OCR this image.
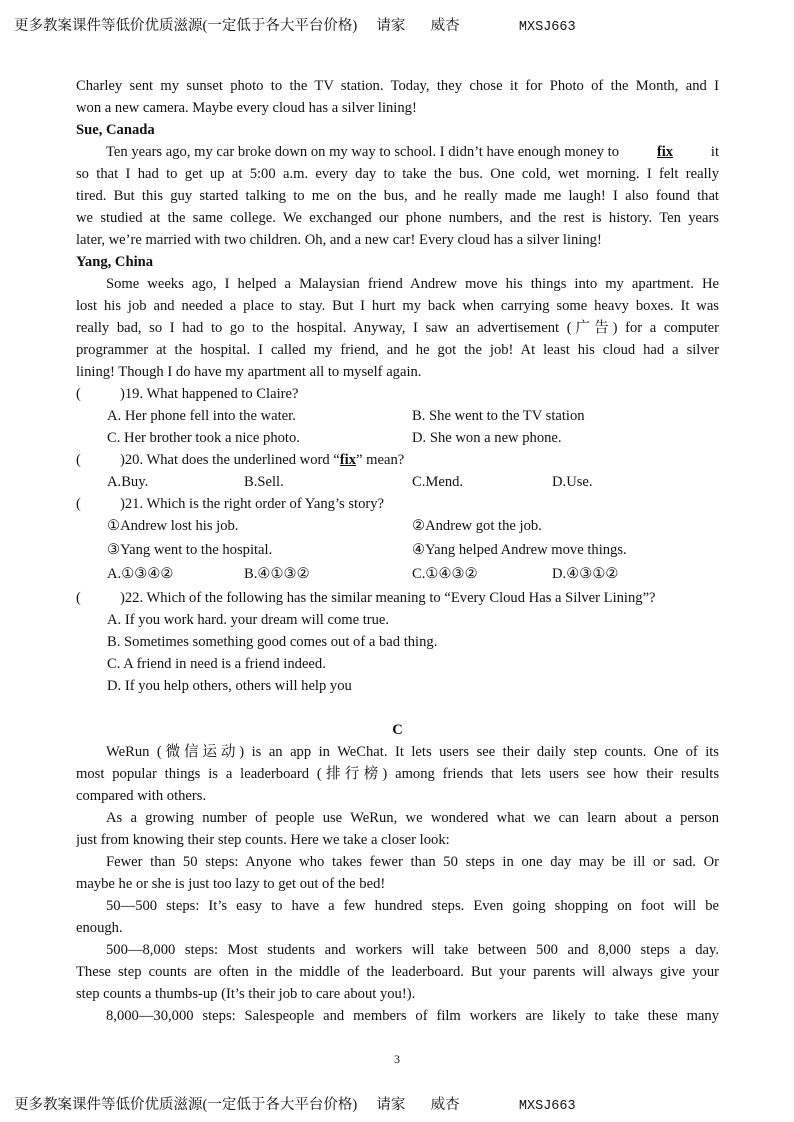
更多教案课件等低价优质滋源(一定低于各大平台价格) 请家 威杏	MXSJ663
Charley sent my sunset photo to the TV station. Today, they chose it for Photo of the Month, and I
won a new camera. Maybe every cloud has a silver lining!
Sue, Canada
Ten years ago, my car broke down on my way to school. I didn’t have enough money to	fix	it
so that I had to get up at 5:00 a.m. every day to take the bus. One cold, wet morning. I felt really
tired. But this guy started talking to me on the bus, and he really made me laugh! I also found that
we studied at the same college. We exchanged our phone numbers, and the rest is history. Ten years
later, we’re married with two children. Oh, and a new car! Every cloud has a silver lining!
Yang, China
Some weeks ago, I helped a Malaysian friend Andrew move his things into my apartment. He
lost his job and needed a place to stay. But I hurt my back when carrying some heavy boxes. It was
really bad, so I had to go to the hospital. Anyway, I saw an advertisement (广告) for a computer
programmer at the hospital. I called my friend, and he got the job! At least his cloud had a silver
lining! Though I do have my apartment all to myself again.
(	)19. What happened to Claire?
A. Her phone fell into the water.	B. She went to the TV station
C. Her brother took a nice photo.	D. She won a new phone.
(	)20. What does the underlined word “fix” mean?
A.Buy.	B.Sell.	C.Mend.	D.Use.
(	)21. Which is the right order of Yang’s story?
①Andrew lost his job.	②Andrew got the job.
③Yang went to the hospital.	④Yang helped Andrew move things.
A.①③④②	B.④①③②	C.①④③②	D.④③①②
(	)22. Which of the following has the similar meaning to “Every Cloud Has a Silver Lining”?
A. If you work hard. your dream will come true.
B. Sometimes something good comes out of a bad thing.
C. A friend in need is a friend indeed.
D. If you help others, others will help you
C
WeRun (微信运动) is an app in WeChat. It lets users see their daily step counts. One of its
most popular things is a leaderboard (排行榜) among friends that lets users see how their results
compared with others.
As a growing number of people use WeRun, we wondered what we can learn about a person
just from knowing their step counts. Here we take a closer look:
Fewer than 50 steps: Anyone who takes fewer than 50 steps in one day may be ill or sad. Or
maybe he or she is just too lazy to get out of the bed!
50—500 steps: It’s easy to have a few hundred steps. Even going shopping on foot will be
enough.
500—8,000 steps: Most students and workers will take between 500 and 8,000 steps a day.
These step counts are often in the middle of the leaderboard. But your parents will always give your
step counts a thumbs-up (It’s their job to care about you!).
8,000—30,000 steps: Salespeople and members of film workers are likely to take these many
3
更多教案课件等低价优质滋源(一定低于各大平台价格) 请家 威杏	MXSJ663
